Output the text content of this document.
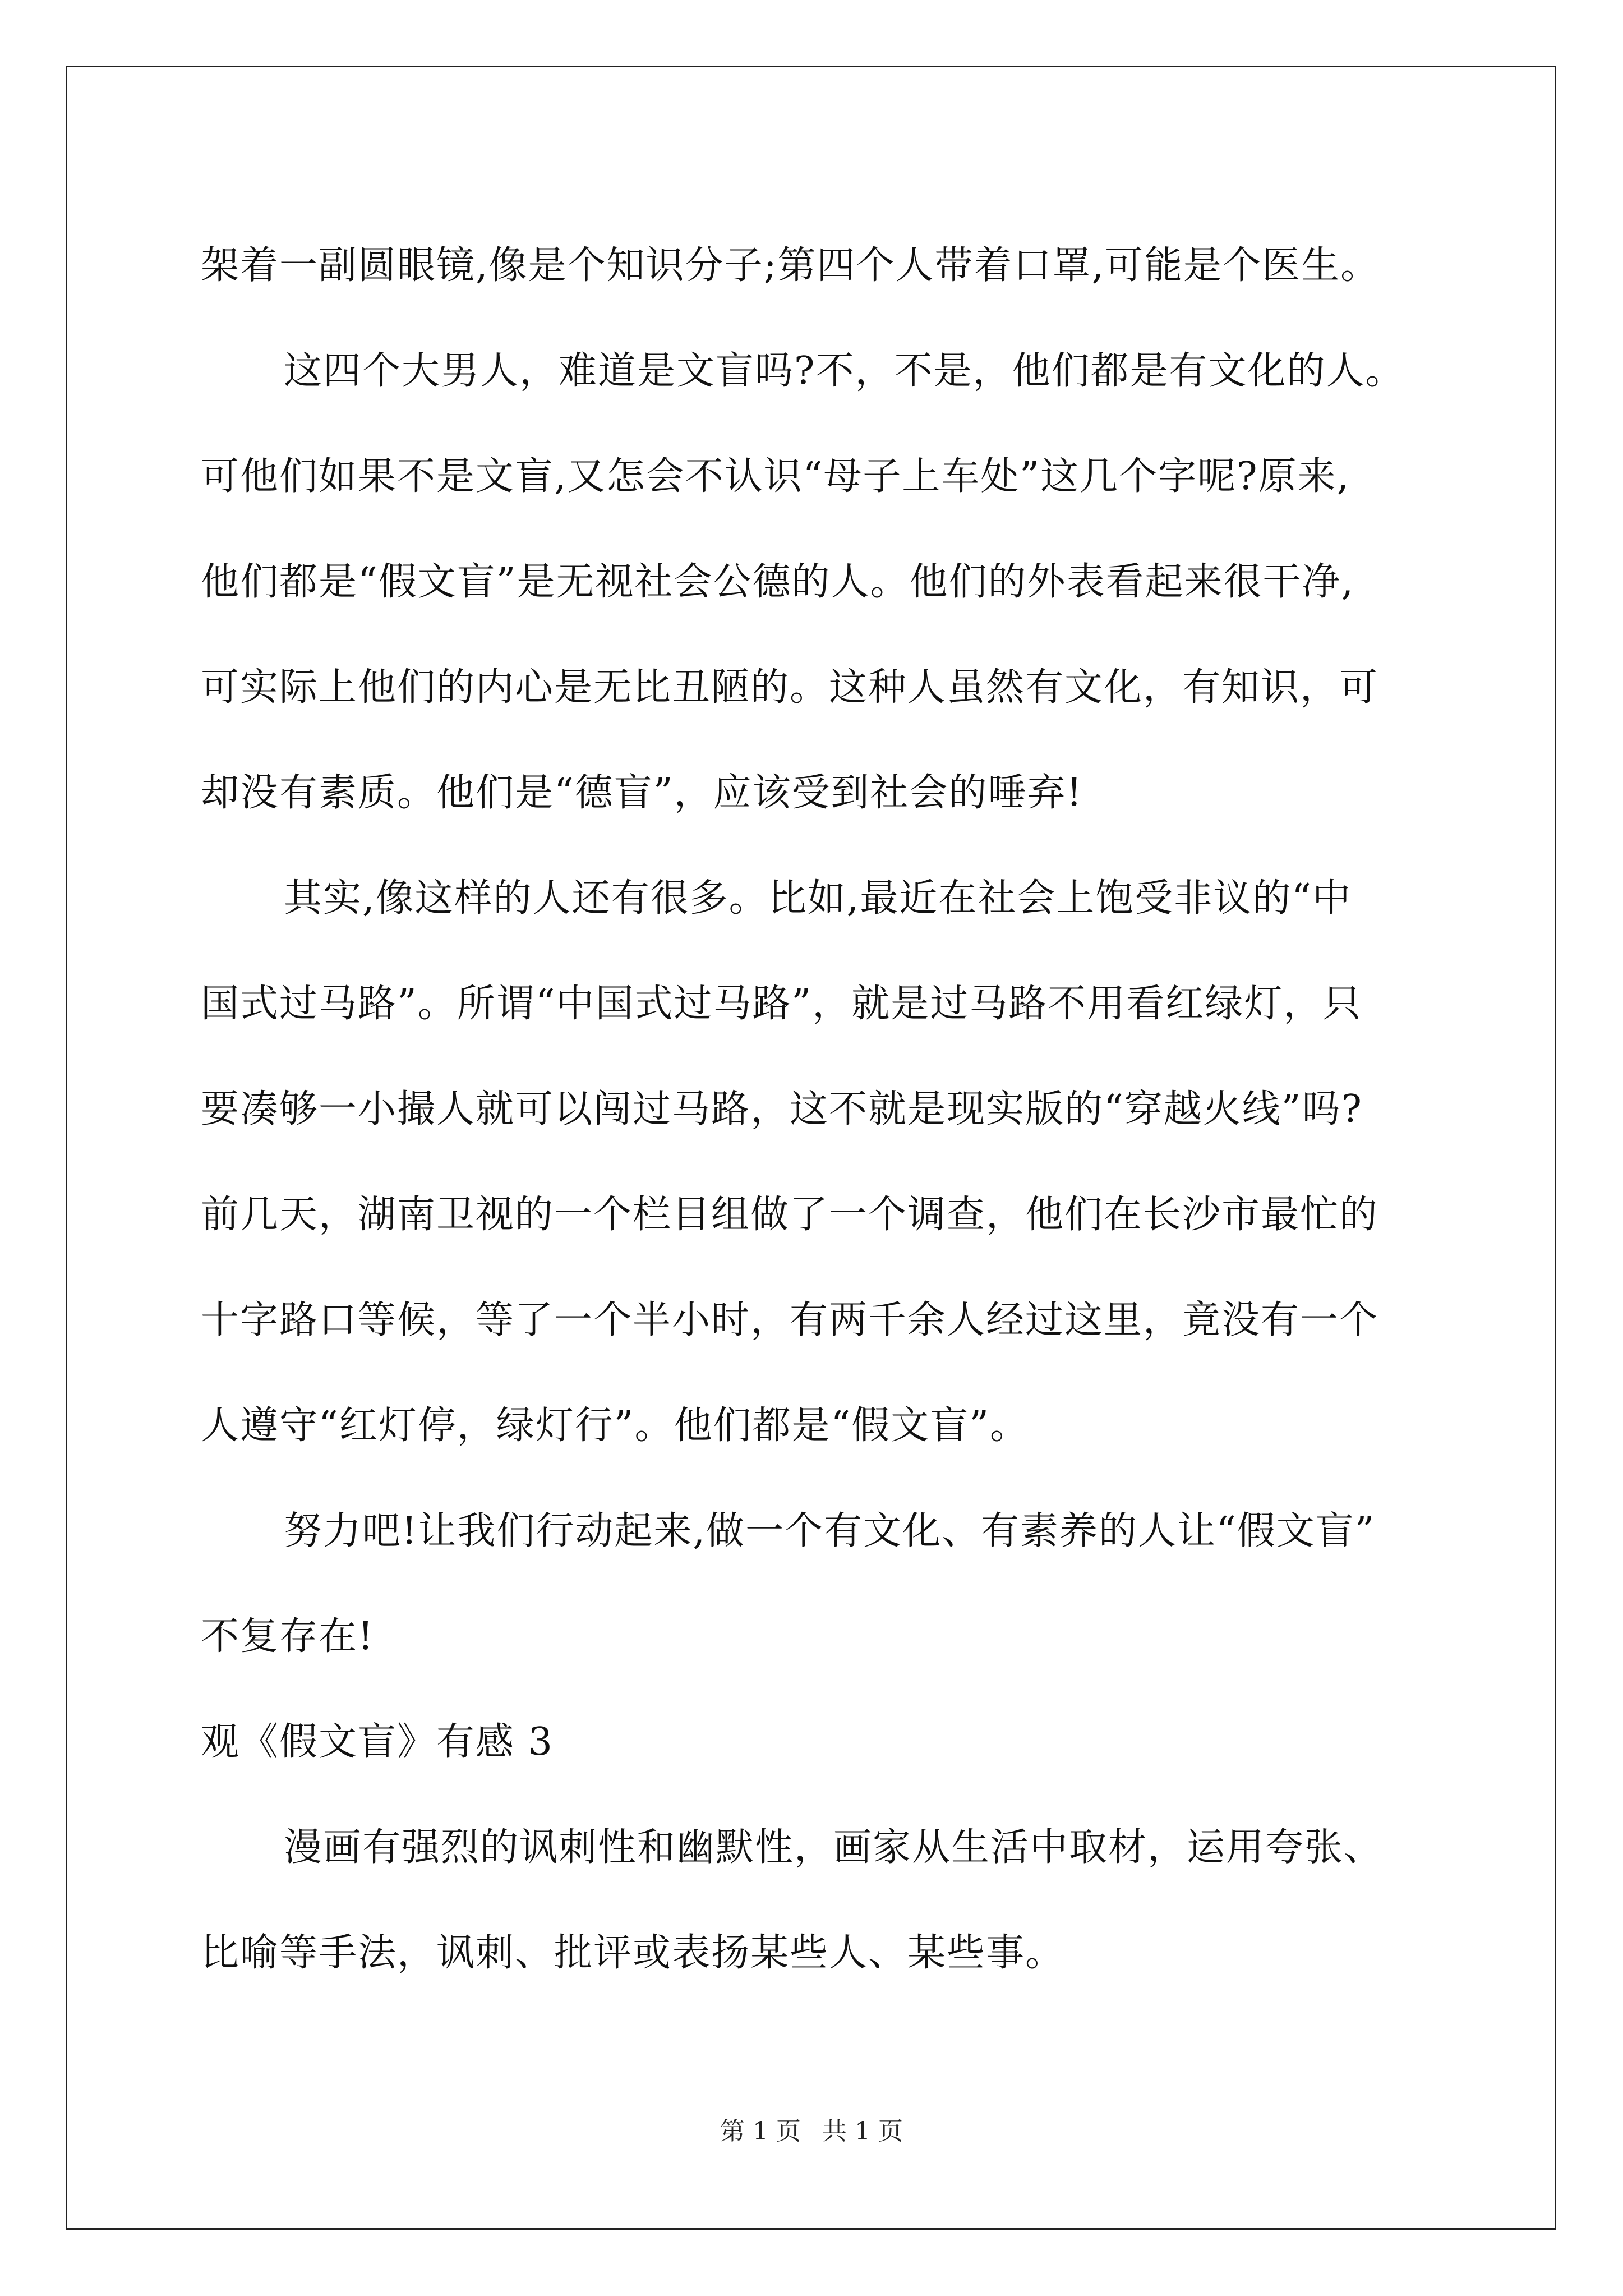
架着一副圆眼镜,像是个知识分子;第四个人带着口罩,可能是个医生。
这四个大男人，难道是文盲吗?不，不是，他们都是有文化的人。
可他们如果不是文盲,又怎会不认识“母子上车处”这几个字呢?原来,
他们都是“假文盲”是无视社会公德的人。他们的外表看起来很干净,
可实际上他们的内心是无比丑陋的。这种人虽然有文化，有知识，可
却没有素质。他们是“德盲”，应该受到社会的唾弃!
其实,像这样的人还有很多。比如,最近在社会上饱受非议的“中
国式过马路”。所谓“中国式过马路”，就是过马路不用看红绿灯，只
要凑够一小撮人就可以闯过马路，这不就是现实版的“穿越火线”吗?
前几天，湖南卫视的一个栏目组做了一个调查，他们在长沙市最忙的
十字路口等候，等了一个半小时，有两千余人经过这里，竟没有一个
人遵守“红灯停，绿灯行”。他们都是“假文盲”。
努力吧!让我们行动起来,做一个有文化、有素养的人让“假文盲”
不复存在!
观《假文盲》有感 3
漫画有强烈的讽刺性和幽默性，画家从生活中取材，运用夸张、
比喻等手法，讽刺、批评或表扬某些人、某些事。
第 1 页 共 1 页
